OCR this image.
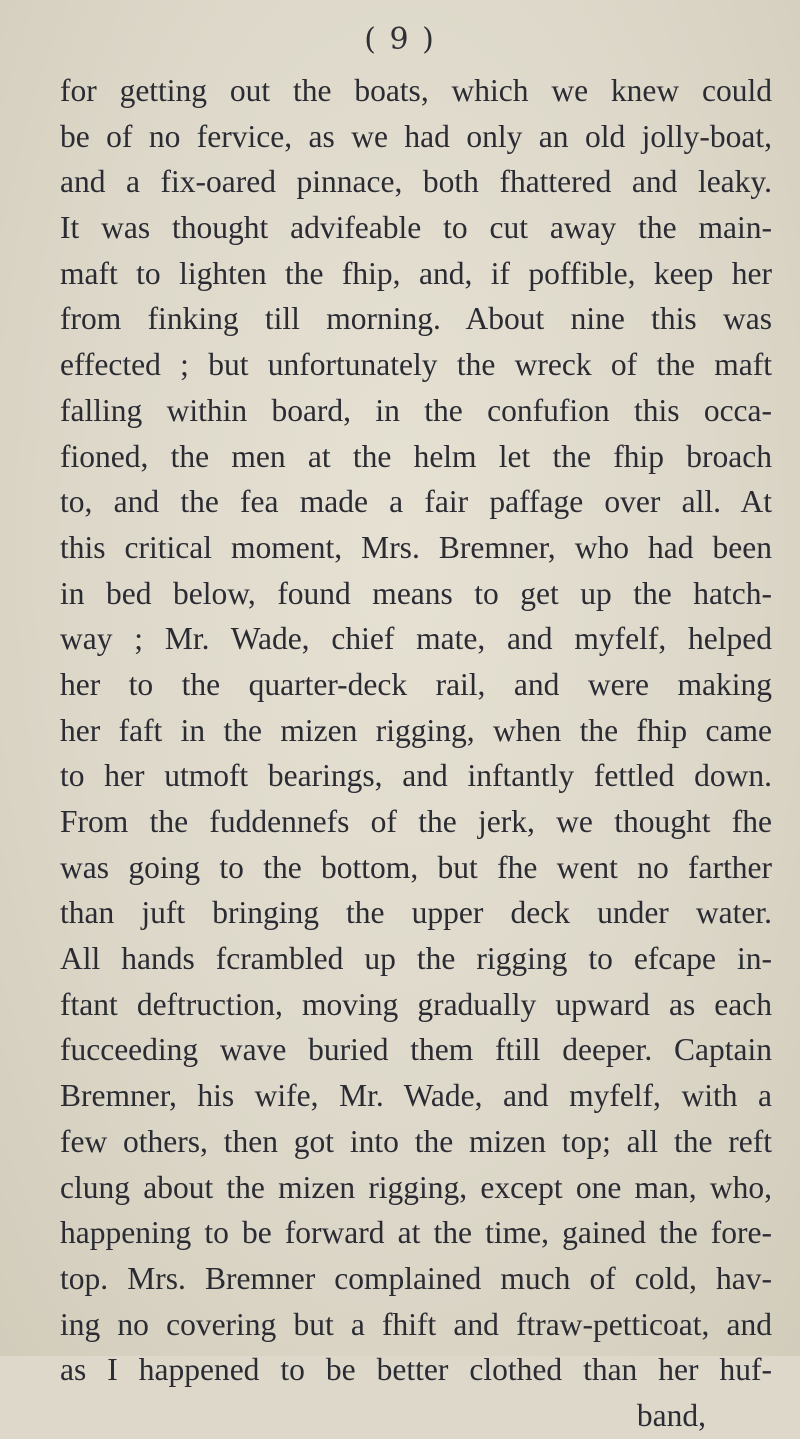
( 9 )
for getting out the boats, which we knew could
be of no fervice, as we had only an old jolly-boat,
and a fix-oared pinnace, both fhattered and leaky.
It was thought advifeable to cut away the main-
maft to lighten the fhip, and, if poffible, keep her
from finking till morning. About nine this was
effected ; but unfortunately the wreck of the maft
falling within board, in the confufion this occa-
fioned, the men at the helm let the fhip broach
to, and the fea made a fair paffage over all. At
this critical moment, Mrs. Bremner, who had been
in bed below, found means to get up the hatch-
way ; Mr. Wade, chief mate, and myfelf, helped
her to the quarter-deck rail, and were making
her faft in the mizen rigging, when the fhip came
to her utmoft bearings, and inftantly fettled down.
From the fuddennefs of the jerk, we thought fhe
was going to the bottom, but fhe went no farther
than juft bringing the upper deck under water.
All hands fcrambled up the rigging to efcape in-
ftant deftruction, moving gradually upward as each
fucceeding wave buried them ftill deeper. Captain
Bremner, his wife, Mr. Wade, and myfelf, with a
few others, then got into the mizen top; all the reft
clung about the mizen rigging, except one man, who,
happening to be forward at the time, gained the fore-
top. Mrs. Bremner complained much of cold, hav-
ing no covering but a fhift and ftraw-petticoat, and
as I happened to be better clothed than her huf-
band,
